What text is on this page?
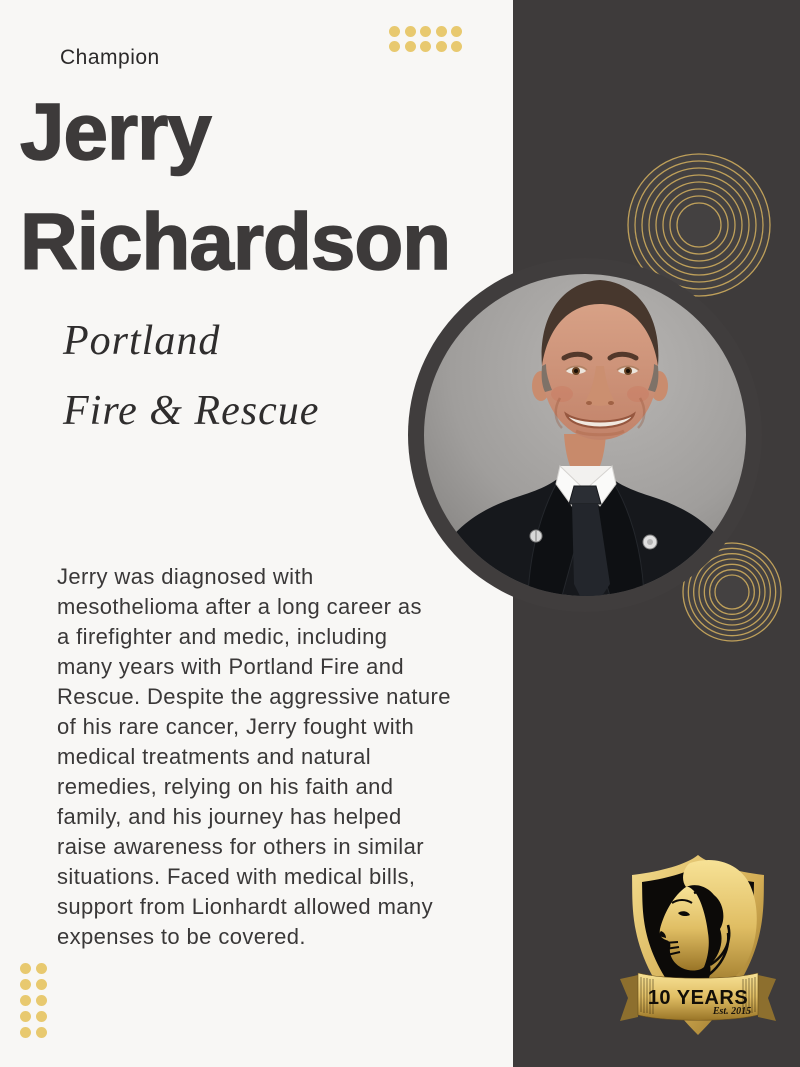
Champion
Jerry
Richardson
Portland
Fire & Rescue
Jerry was diagnosed with
mesothelioma after a long career as
a firefighter and medic, including
many years with Portland Fire and
Rescue. Despite the aggressive nature
of his rare cancer, Jerry fought with
medical treatments and natural
remedies, relying on his faith and
family, and his journey has helped
raise awareness for others in similar
situations. Faced with medical bills,
support from Lionhardt allowed many
expenses to be covered.
10 YEARS
Est. 2015
